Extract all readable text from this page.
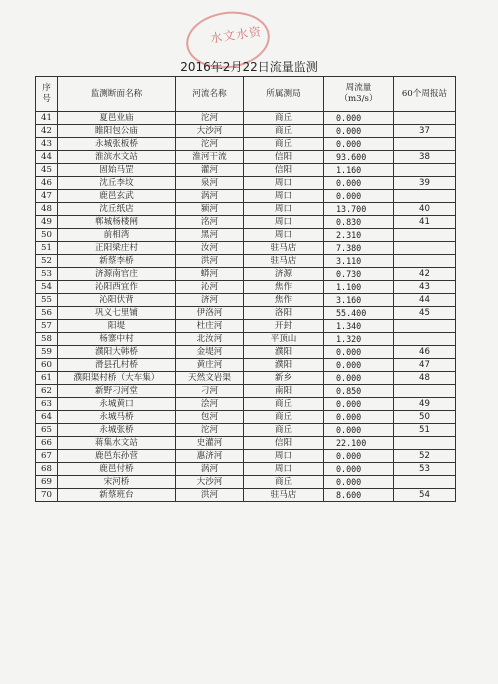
水文水资
2016年2月22日流量监测
序号	监测断面名称	河流名称	所属测局	周流量
（m3/s）	60个周报站
41	夏邑业庙	沱河	商丘	0.000	
42	睢阳包公庙	大沙河	商丘	0.000	37
43	永城张板桥	沱河	商丘	0.000	
44	淮滨水文站	淮河干流	信阳	93.600	38
45	固始马罡	灌河	信阳	1.160	
46	沈丘李坟	泉河	周口	0.000	39
47	鹿邑玄武	涡河	周口	0.000	
48	沈丘纸店	颍河	周口	13.700	40
49	郸城杨楼闸	洺河	周口	0.830	41
50	前相湾	黑河	周口	2.310	
51	正阳梁庄村	汝河	驻马店	7.380	
52	新蔡李桥	洪河	驻马店	3.110	
53	济源南官庄	蟒河	济源	0.730	42
54	沁阳西宜作	沁河	焦作	1.100	43
55	沁阳伏背	济河	焦作	3.160	44
56	巩义七里铺	伊洛河	洛阳	55.400	45
57	阳堤	杜庄河	开封	1.340	
58	杨寨中村	北汝河	平顶山	1.320	
59	濮阳大韩桥	金堤河	濮阳	0.000	46
60	滑县孔村桥	黄庄河	濮阳	0.000	47
61	濮阳渠村桥（大车集）	天然文岩渠	新乡	0.000	48
62	新野刁河堂	刁河	南阳	0.850	
63	永城黄口	浍河	商丘	0.000	49
64	永城马桥	包河	商丘	0.000	50
65	永城张桥	沱河	商丘	0.000	51
66	蒋集水文站	史灌河	信阳	22.100	
67	鹿邑东孙营	惠济河	周口	0.000	52
68	鹿邑付桥	涡河	周口	0.000	53
69	宋河桥	大沙河	商丘	0.000	
70	新蔡班台	洪河	驻马店	8.600	54
